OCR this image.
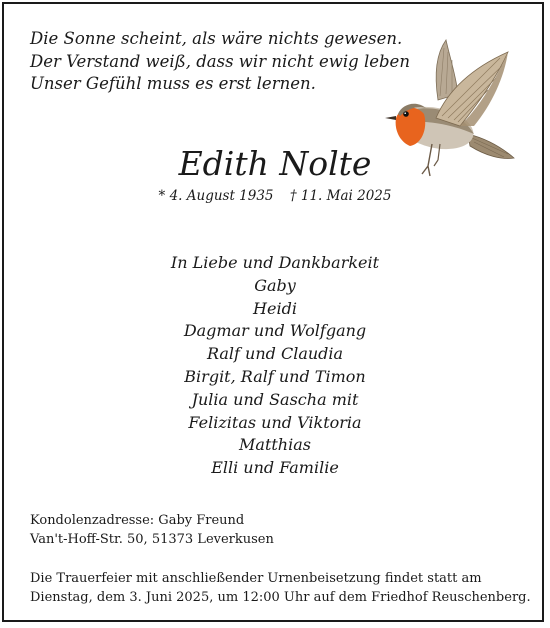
Die Sonne scheint, als wäre nichts gewesen.
Der Verstand weiß, dass wir nicht ewig leben
Unser Gefühl muss es erst lernen.
Edith Nolte
* 4. August 1935 † 11. Mai 2025
In Liebe und Dankbarkeit
Gaby
Heidi
Dagmar und Wolfgang
Ralf und Claudia
Birgit, Ralf und Timon
Julia und Sascha mit
Felizitas und Viktoria
Matthias
Elli und Familie
Kondolenzadresse: Gaby Freund
Van't-Hoff-Str. 50, 51373 Leverkusen
Die Trauerfeier mit anschließender Urnenbeisetzung findet statt am
Dienstag, dem 3. Juni 2025, um 12:00 Uhr auf dem Friedhof Reuschenberg.
